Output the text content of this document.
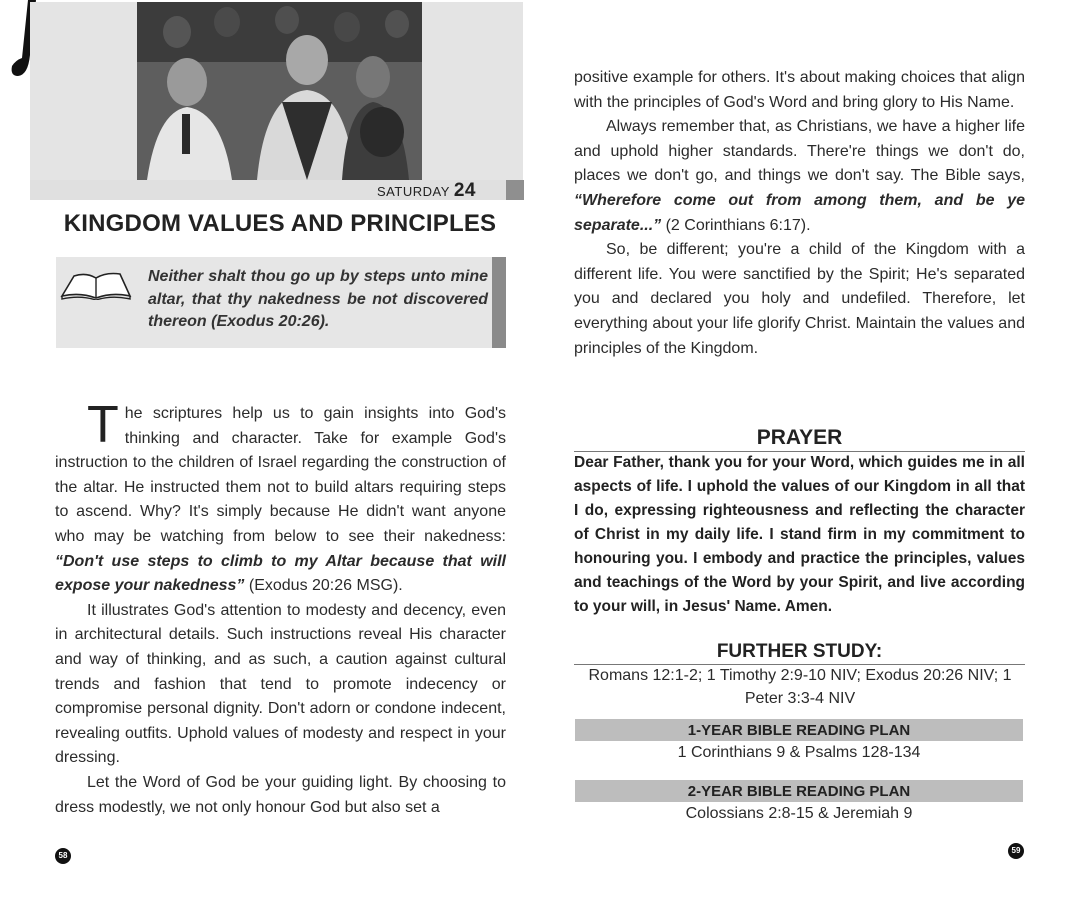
SATURDAY 24
KINGDOM VALUES AND PRINCIPLES
Neither shalt thou go up by steps unto mine altar, that thy nakedness be not discovered thereon (Exodus 20:26).

The scriptures help us to gain insights into God's thinking and character. Take for example God's instruction to the children of Israel regarding the construction of the altar. He instructed them not to build altars requiring steps to ascend. Why? It's simply because He didn't want anyone who may be watching from below to see their nakedness: “Don't use steps to climb to my Altar because that will expose your nakedness” (Exodus 20:26 MSG).

It illustrates God's attention to modesty and decency, even in architectural details. Such instructions reveal His character and way of thinking, and as such, a caution against cultural trends and fashion that tend to promote indecency or compromise personal dignity. Don't adorn or condone indecent, revealing outfits. Uphold values of modesty and respect in your dressing.

Let the Word of God be your guiding light. By choosing to dress modestly, we not only honour God but also set a

58

positive example for others. It's about making choices that align with the principles of God's Word and bring glory to His Name.

Always remember that, as Christians, we have a higher life and uphold higher standards. There're things we don't do, places we don't go, and things we don't say. The Bible says, “Wherefore come out from among them, and be ye separate...” (2 Corinthians 6:17).

So, be different; you're a child of the Kingdom with a different life. You were sanctified by the Spirit; He's separated you and declared you holy and undefiled. Therefore, let everything about your life glorify Christ. Maintain the values and principles of the Kingdom.

PRAYER

Dear Father, thank you for your Word, which guides me in all aspects of life. I uphold the values of our Kingdom in all that I do, expressing righteousness and reflecting the character of Christ in my daily life. I stand firm in my commitment to honouring you. I embody and practice the principles, values and teachings of the Word by your Spirit, and live according to your will, in Jesus' Name. Amen.

FURTHER STUDY:
Romans 12:1-2; 1 Timothy 2:9-10 NIV; Exodus 20:26 NIV; 1 Peter 3:3-4 NIV
1-YEAR BIBLE READING PLAN
1 Corinthians 9 & Psalms 128-134
2-YEAR BIBLE READING PLAN
Colossians 2:8-15 & Jeremiah 9
59
